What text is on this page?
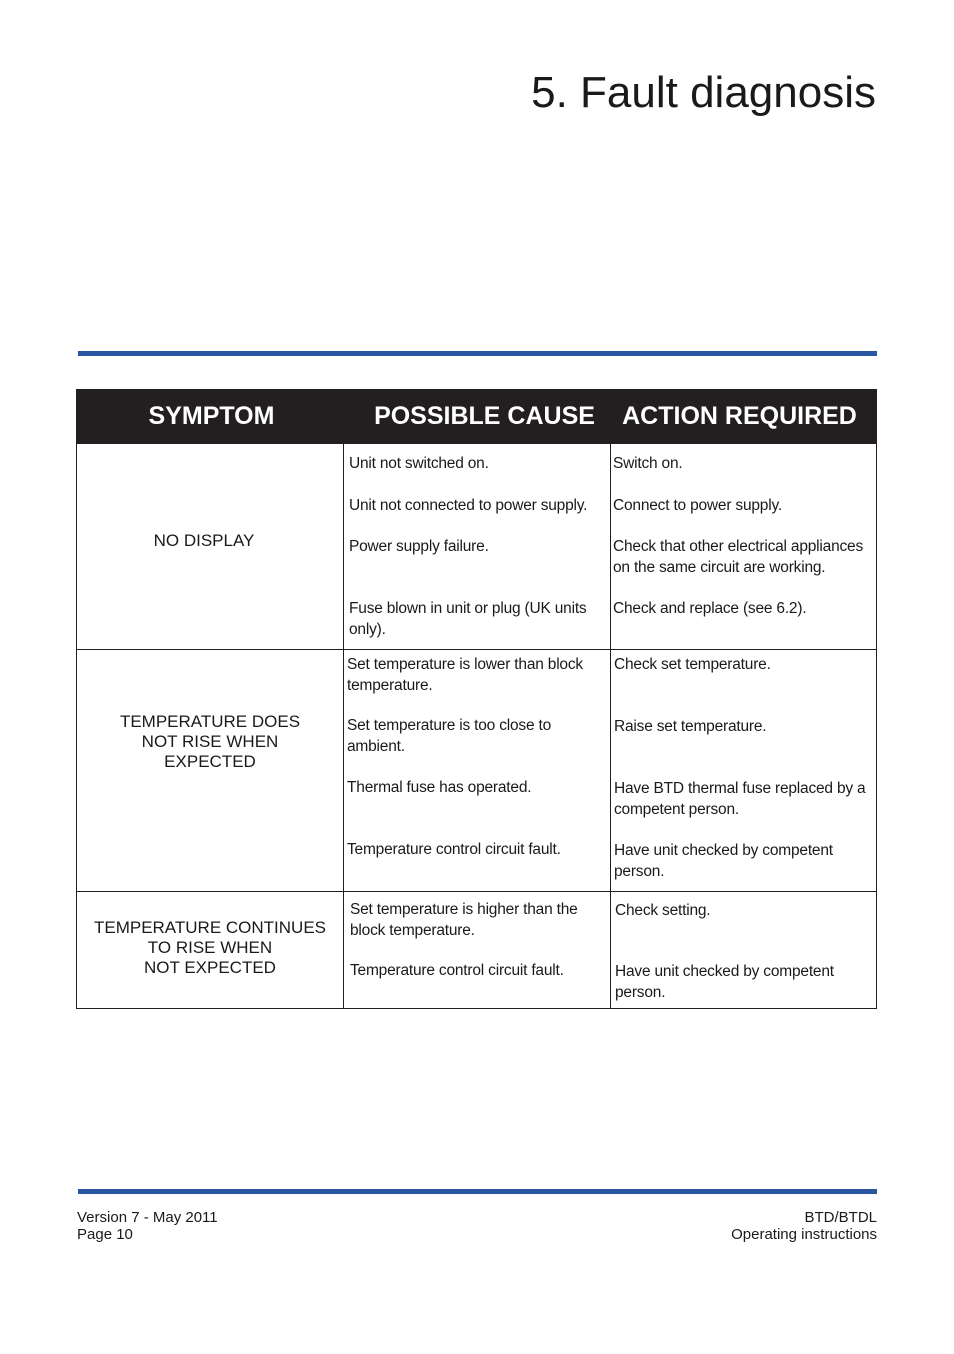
5. Fault diagnosis
SYMPTOM	POSSIBLE CAUSE	ACTION REQUIRED
NO DISPLAY
Unit not switched on.
Unit not connected to power supply.
Power supply failure.
Fuse blown in unit or plug (UK units only).
Switch on.
Connect to power supply.
Check that other electrical appliances on the same circuit are working.
Check and replace (see 6.2).
TEMPERATURE DOES
NOT RISE WHEN
EXPECTED
Set temperature is lower than block temperature.
Set temperature is too close to ambient.
Thermal fuse has operated.
Temperature control circuit fault.
Check set temperature.
Raise set temperature.
Have BTD thermal fuse replaced by a competent person.
Have unit checked by competent person.
TEMPERATURE CONTINUES
TO RISE WHEN
NOT EXPECTED
Set temperature is higher than the block temperature.
Temperature control circuit fault.
Check setting.
Have unit checked by competent person.
Version 7 - May 2011
Page 10
BTD/BTDL
Operating instructions
